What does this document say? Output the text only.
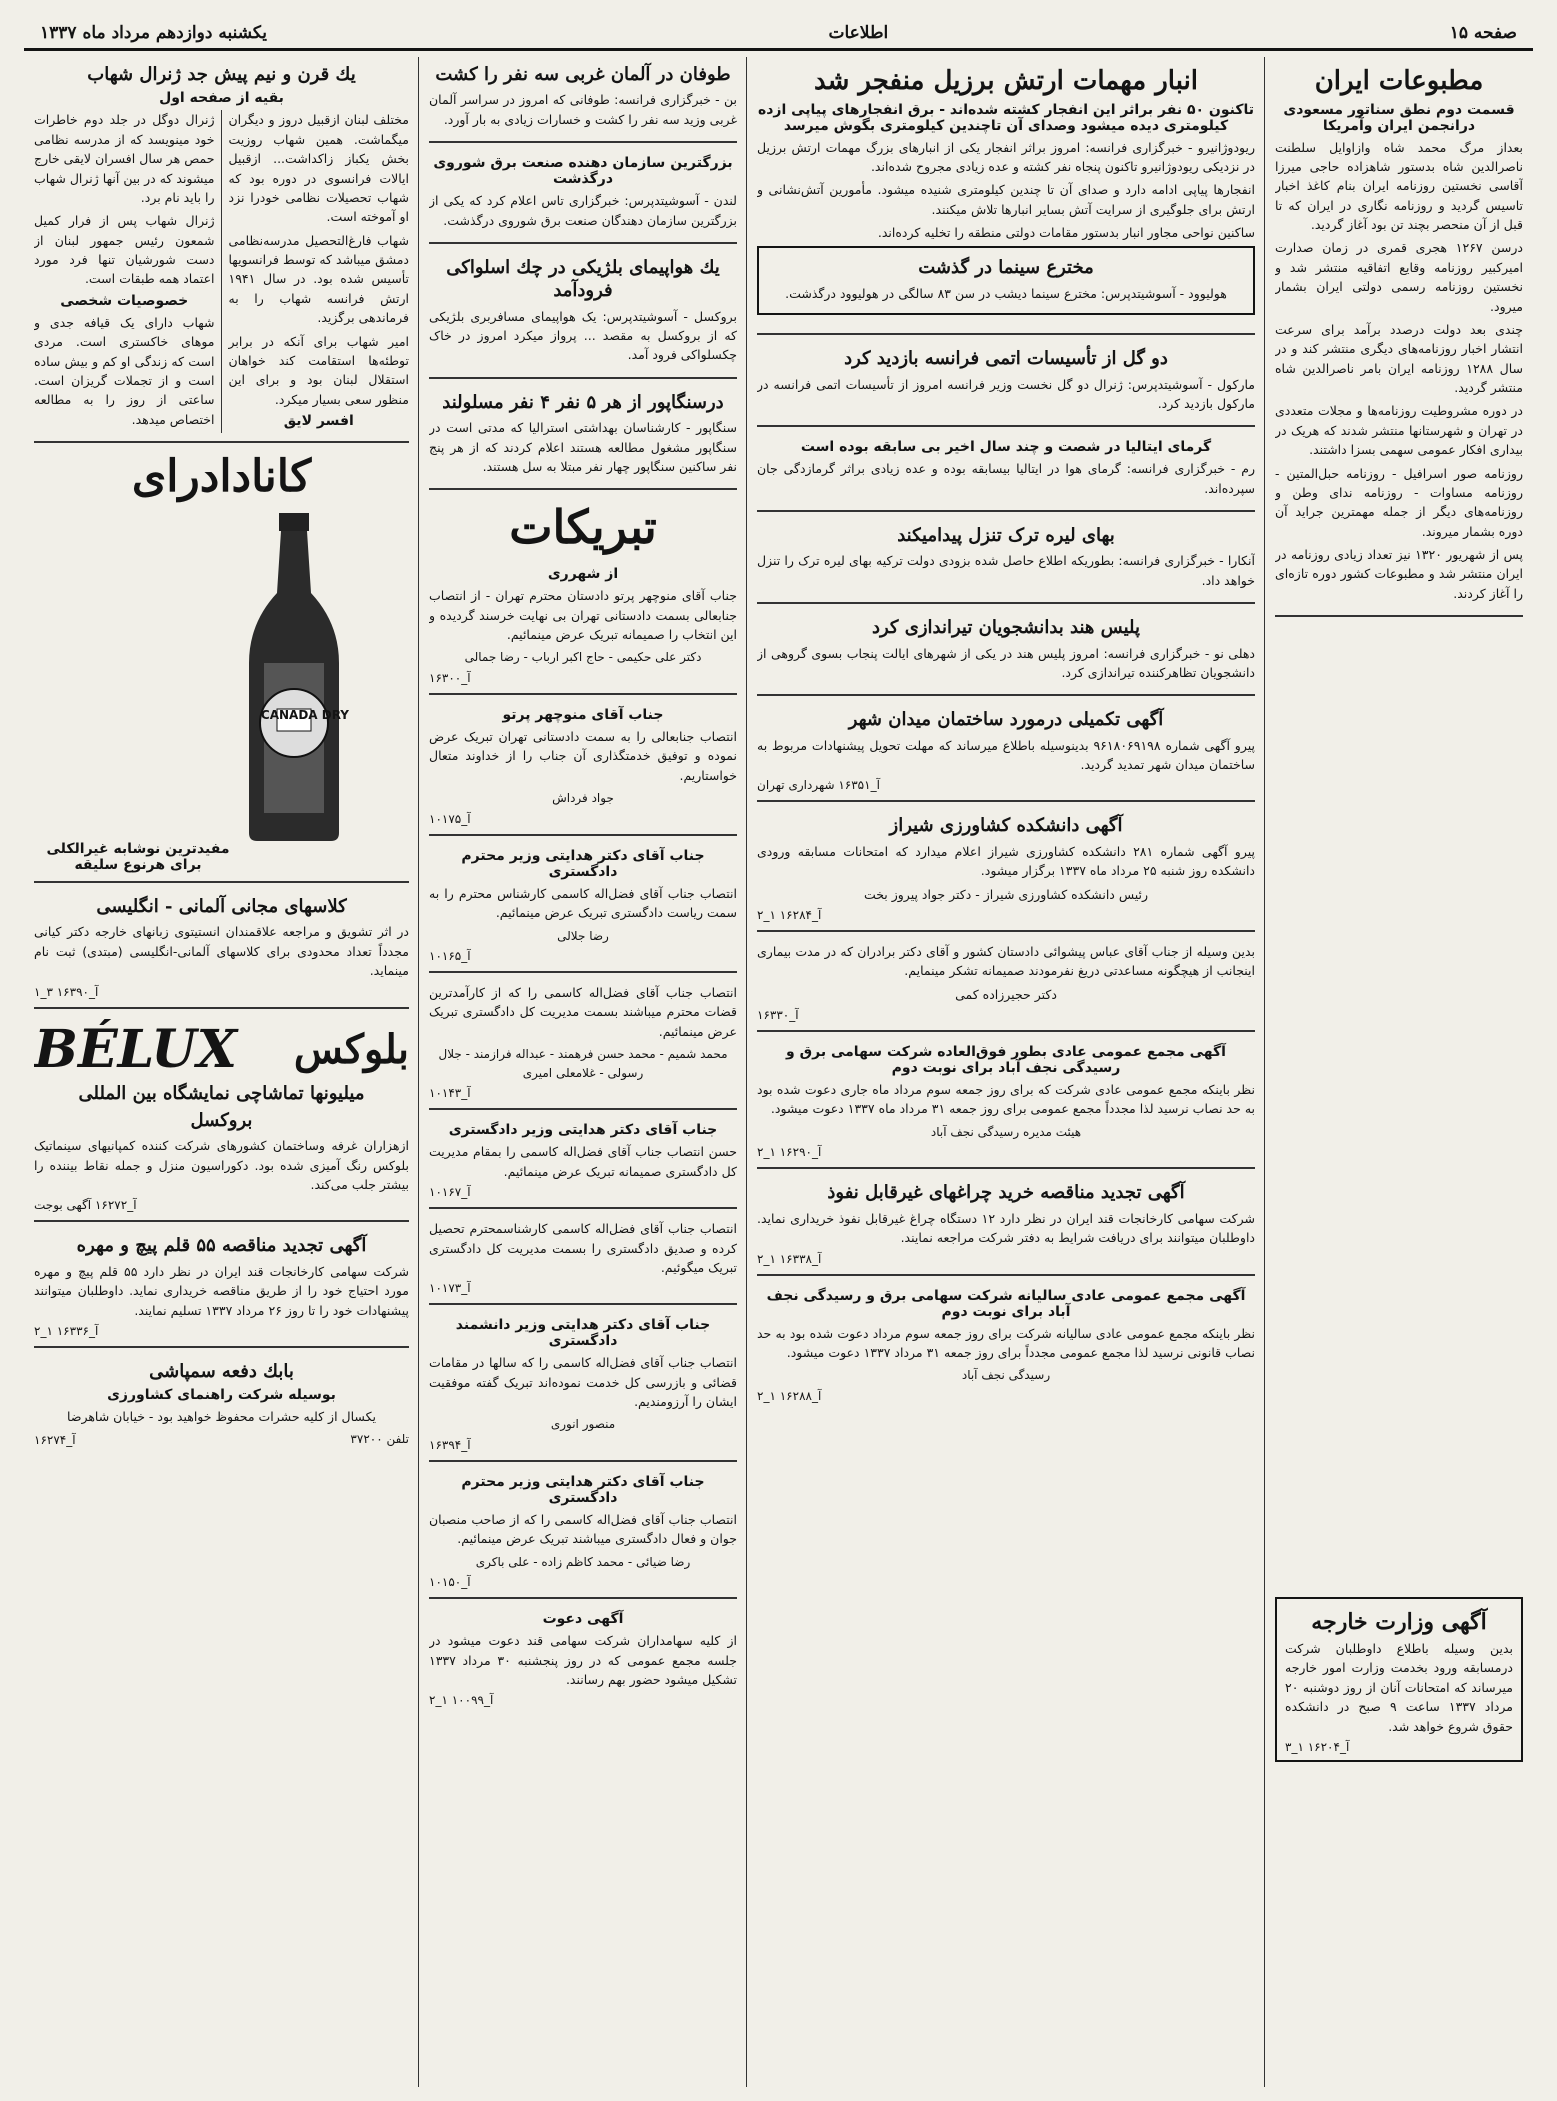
صفحه ۱۵
اطلاعات
یکشنبه دوازدهم مرداد ماه ۱۳۳۷
مطبوعات ایران
قسمت دوم نطق سناتور مسعودی درانجمن ایران وآمریکا

بعداز مرگ محمد شاه وازاوایل سلطنت ناصرالدین شاه بدستور شاهزاده حاجی میرزا آقاسی نخستین روزنامه ایران بنام کاغذ اخبار تاسیس گردید و روزنامه نگاری در ایران که تا قبل از آن منحصر بچند تن بود آغاز گردید.

درسن ۱۲۶۷ هجری قمری در زمان صدارت امیرکبیر روزنامه وقایع اتفاقیه منتشر شد و نخستین روزنامه رسمی دولتی ایران بشمار میرود.

چندی بعد دولت درصدد برآمد برای سرعت انتشار اخبار روزنامه‌های دیگری منتشر کند و در سال ۱۲۸۸ روزنامه ایران بامر ناصرالدین شاه منتشر گردید.

در دوره مشروطیت روزنامه‌ها و مجلات متعددی در تهران و شهرستانها منتشر شدند که هریک در بیداری افکار عمومی سهمی بسزا داشتند.

روزنامه صور اسرافیل - روزنامه حبل‌المتین - روزنامه مساوات - روزنامه ندای وطن و روزنامه‌های دیگر از جمله مهمترین جراید آن دوره بشمار میروند.

پس از شهریور ۱۳۲۰ نیز تعداد زیادی روزنامه در ایران منتشر شد و مطبوعات کشور دوره تازه‌ای را آغاز کردند.

آگهی وزارت خارجه

بدین وسیله باطلاع داوطلبان شرکت درمسابقه ورود بخدمت وزارت امور خارجه میرساند که امتحانات آنان از روز دوشنبه ۲۰ مرداد ۱۳۳۷ ساعت ۹ صبح در دانشکده حقوق شروع خواهد شد.

۳_۱ آ_۱۶۲۰۴
انبار مهمات ارتش برزیل منفجر شد
تاکنون ۵۰ نفر براثر این انفجار کشته شده‌اند - برق انفجارهای پیاپی ازده کیلومتری دیده میشود وصدای آن تاچندین کیلومتری بگوش میرسد

ریودوژانیرو - خبرگزاری فرانسه: امروز براثر انفجار یکی از انبارهای بزرگ مهمات ارتش برزیل در نزدیکی ریودوژانیرو تاکنون پنجاه نفر کشته و عده زیادی مجروح شده‌اند.

انفجارها پیاپی ادامه دارد و صدای آن تا چندین کیلومتری شنیده میشود. مأمورین آتش‌نشانی و ارتش برای جلوگیری از سرایت آتش بسایر انبارها تلاش میکنند.

ساکنین نواحی مجاور انبار بدستور مقامات دولتی منطقه را تخلیه کرده‌اند.

مخترع سینما در گذشت

هولیوود - آسوشیتدپرس: مخترع سینما دیشب در سن ۸۳ سالگی در هولیوود درگذشت.

دو گل از تأسیسات اتمی فرانسه بازدید کرد

مارکول - آسوشیتدپرس: ژنرال دو گل نخست وزیر فرانسه امروز از تأسیسات اتمی فرانسه در مارکول بازدید کرد.

گرمای ایتالیا در شصت و چند سال اخیر بی سابقه بوده است

رم - خبرگزاری فرانسه: گرمای هوا در ایتالیا بیسابقه بوده و عده زیادی براثر گرمازدگی جان سپرده‌اند.

بهای لیره ترک تنزل پیدامیکند

آنکارا - خبرگزاری فرانسه: بطوریکه اطلاع حاصل شده بزودی دولت ترکیه بهای لیره ترک را تنزل خواهد داد.

پلیس هند بدانشجویان تیراندازی کرد

دهلی نو - خبرگزاری فرانسه: امروز پلیس هند در یکی از شهرهای ایالت پنجاب بسوی گروهی از دانشجویان تظاهرکننده تیراندازی کرد.

آگهی تکمیلی درمورد ساختمان میدان شهر

پیرو آگهی شماره ۹۶۱۸۰۶۹۱۹۸ بدینوسیله باطلاع میرساند که مهلت تحویل پیشنهادات مربوط به ساختمان میدان شهر تمدید گردید.

آ_۱۶۳۵۱ شهرداری تهران
آگهی دانشکده کشاورزی شیراز

پیرو آگهی شماره ۲۸۱ دانشکده کشاورزی شیراز اعلام میدارد که امتحانات مسابقه ورودی دانشکده روز شنبه ۲۵ مرداد ماه ۱۳۳۷ برگزار میشود.

رئیس دانشکده کشاورزی شیراز - دکتر جواد پیروز بخت

آ_۱۶۲۸۴ ۱_۲

بدین وسیله از جناب آقای عباس پیشوائی دادستان کشور و آقای دکتر برادران که در مدت بیماری اینجانب از هیچگونه مساعدتی دریغ نفرمودند صمیمانه تشکر مینمایم.

دکتر حجیرزاده کمی

آ_۱۶۳۳۰
آگهی مجمع عمومی عادی بطور فوق‌العاده شرکت سهامی برق و رسیدگی نجف آباد برای نوبت دوم

نظر باینکه مجمع عمومی عادی شرکت که برای روز جمعه سوم مرداد ماه جاری دعوت شده بود به حد نصاب نرسید لذا مجدداً مجمع عمومی برای روز جمعه ۳۱ مرداد ماه ۱۳۳۷ دعوت میشود.

هیئت مدیره رسیدگی نجف آباد

آ_۱۶۲۹۰ ۱_۲
آگهی تجدید مناقصه خرید چراغهای غیرقابل نفوذ

شرکت سهامی کارخانجات قند ایران در نظر دارد ۱۲ دستگاه چراغ غیرقابل نفوذ خریداری نماید. داوطلبان میتوانند برای دریافت شرایط به دفتر شرکت مراجعه نمایند.

آ_۱۶۳۳۸ ۱_۲
آگهی مجمع عمومی عادی سالیانه شرکت سهامی برق و رسیدگی نجف آباد برای نوبت دوم

نظر باینکه مجمع عمومی عادی سالیانه شرکت برای روز جمعه سوم مرداد دعوت شده بود به حد نصاب قانونی نرسید لذا مجمع عمومی مجدداً برای روز جمعه ۳۱ مرداد ۱۳۳۷ دعوت میشود.

رسیدگی نجف آباد

آ_۱۶۲۸۸ ۱_۲
طوفان در آلمان غربی سه نفر را کشت

بن - خبرگزاری فرانسه: طوفانی که امروز در سراسر آلمان غربی وزید سه نفر را کشت و خسارات زیادی به بار آورد.

بزرگترین سازمان دهنده صنعت برق شوروی درگذشت

لندن - آسوشیتدپرس: خبرگزاری تاس اعلام کرد که یکی از بزرگترین سازمان دهندگان صنعت برق شوروی درگذشت.

یك هواپیمای بلژیکی در چك اسلواکی فرودآمد

بروکسل - آسوشیتدپرس: یک هواپیمای مسافربری بلژیکی که از بروکسل به مقصد ... پرواز میکرد امروز در خاک چکسلواکی فرود آمد.

درسنگاپور از هر ۵ نفر ۴ نفر مسلولند

سنگاپور - کارشناسان بهداشتی استرالیا که مدتی است در سنگاپور مشغول مطالعه هستند اعلام کردند که از هر پنج نفر ساکنین سنگاپور چهار نفر مبتلا به سل هستند.

تبریکات
از شهرری

جناب آقای منوچهر پرتو دادستان محترم تهران - از انتصاب جنابعالی بسمت دادستانی تهران بی نهایت خرسند گردیده و این انتخاب را صمیمانه تبریک عرض مینمائیم.

دکتر علی حکیمی - حاج اکبر ارباب - رضا جمالی

آ_۱۶۳۰۰
جناب آقای منوچهر پرتو

انتصاب جنابعالی را به سمت دادستانی تهران تبریک عرض نموده و توفیق خدمتگذاری آن جناب را از خداوند متعال خواستاریم.

جواد فرداش

آ_۱۰۱۷۵
جناب آقای دکتر هدایتی وزیر محترم دادگستری

انتصاب جناب آقای فضل‌اله کاسمی کارشناس محترم را به سمت ریاست دادگستری تبریک عرض مینمائیم.

رضا جلالی

آ_۱۰۱۶۵

انتصاب جناب آقای فضل‌اله کاسمی را که از کارآمدترین قضات محترم میباشند بسمت مدیریت کل دادگستری تبریک عرض مینمائیم.

محمد شمیم - محمد حسن فرهمند - عبداله فرازمند - جلال رسولی - غلامعلی امیری

آ_۱۰۱۴۳
جناب آقای دکتر هدایتی وزیر دادگستری

حسن انتصاب جناب آقای فضل‌اله کاسمی را بمقام مدیریت کل دادگستری صمیمانه تبریک عرض مینمائیم.

آ_۱۰۱۶۷

انتصاب جناب آقای فضل‌اله کاسمی کارشناسمحترم تحصیل کرده و صدیق دادگستری را بسمت مدیریت کل دادگستری تبریک میگوئیم.

آ_۱۰۱۷۳
جناب آقای دکتر هدایتی وزیر دانشمند دادگستری

انتصاب جناب آقای فضل‌اله کاسمی را که سالها در مقامات قضائی و بازرسی کل خدمت نموده‌اند تبریک گفته موفقیت ایشان را آرزومندیم.

منصور انوری

آ_۱۶۳۹۴
جناب آقای دکتر هدایتی وزیر محترم دادگستری

انتصاب جناب آقای فضل‌اله کاسمی را که از صاحب منصبان جوان و فعال دادگستری میباشند تبریک عرض مینمائیم.

رضا ضیائی - محمد کاظم زاده - علی باکری

آ_۱۰۱۵۰
آگهی دعوت

از کلیه سهامداران شرکت سهامی قند دعوت میشود در جلسه مجمع عمومی که در روز پنجشنبه ۳۰ مرداد ۱۳۳۷ تشکیل میشود حضور بهم رسانند.

آ_۱۰۰۹۹ ۱_۲
یك قرن و نیم پیش جد ژنرال شهاب
بقیه از صفحه اول

مختلف لبنان ازقبیل دروز و دیگران میگماشت. همین شهاب روزیت بخش یکباز زاکداشت... ازقبیل ایالات فرانسوی در دوره بود که شهاب تحصیلات نظامی خودرا نزد او آموخته است.

شهاب فارغ‌التحصیل مدرسه‌نظامی دمشق میباشد که توسط فرانسویها تأسیس شده بود. در سال ۱۹۴۱ ارتش فرانسه شهاب را به فرماندهی برگزید.

امیر شهاب برای آنکه در برابر توطئه‌ها استقامت کند خواهان استقلال لبنان بود و برای این منظور سعی بسیار میکرد.

افسر لایق

ژنرال دوگل در جلد دوم خاطرات خود مینویسد که از مدرسه نظامی حمص هر سال افسران لایقی خارج میشوند که در بین آنها ژنرال شهاب را باید نام برد.

ژنرال شهاب پس از فرار کمیل شمعون رئیس جمهور لبنان از دست شورشیان تنها فرد مورد اعتماد همه طبقات است.

خصوصیات شخصی

شهاب دارای یک قیافه جدی و موهای خاکستری است. مردی است که زندگی او کم و بیش ساده است و از تجملات گریزان است. ساعتی از روز را به مطالعه اختصاص میدهد.

کانادادرای
CANADA DRY
مفیدترین نوشابه غیرالکلی برای هرنوع سلیقه
کلاسهای مجانی آلمانی - انگلیسی

در اثر تشویق و مراجعه علاقمندان انستیتوی زبانهای خارجه دکتر کیانی مجدداً تعداد محدودی برای کلاسهای آلمانی-انگلیسی (مبتدی) ثبت نام مینماید.

آ_۱۶۳۹۰ ۳_۱
بلوکس
BÉLUX
میلیونها تماشاچی نمایشگاه بین المللی
بروکسل

ازهزاران غرفه وساختمان کشورهای شرکت کننده کمپانیهای سینماتیک بلوکس رنگ آمیزی شده بود. دکوراسیون منزل و جمله نقاط بیننده را بیشتر جلب می‌کند.

آ_۱۶۲۷۲ آگهی بوجت
آگهی تجدید مناقصه ۵۵ قلم پیچ و مهره

شرکت سهامی کارخانجات قند ایران در نظر دارد ۵۵ قلم پیچ و مهره مورد احتیاج خود را از طریق مناقصه خریداری نماید. داوطلبان میتوانند پیشنهادات خود را تا روز ۲۶ مرداد ۱۳۳۷ تسلیم نمایند.

آ_۱۶۳۳۶ ۱_۲
بابك دفعه سمپاشی
بوسیله شرکت راهنمای کشاورزی

یکسال از کلیه حشرات محفوظ خواهید بود - خیابان شاهرضا

تلفن ۳۷۲۰۰
آ_۱۶۲۷۴
